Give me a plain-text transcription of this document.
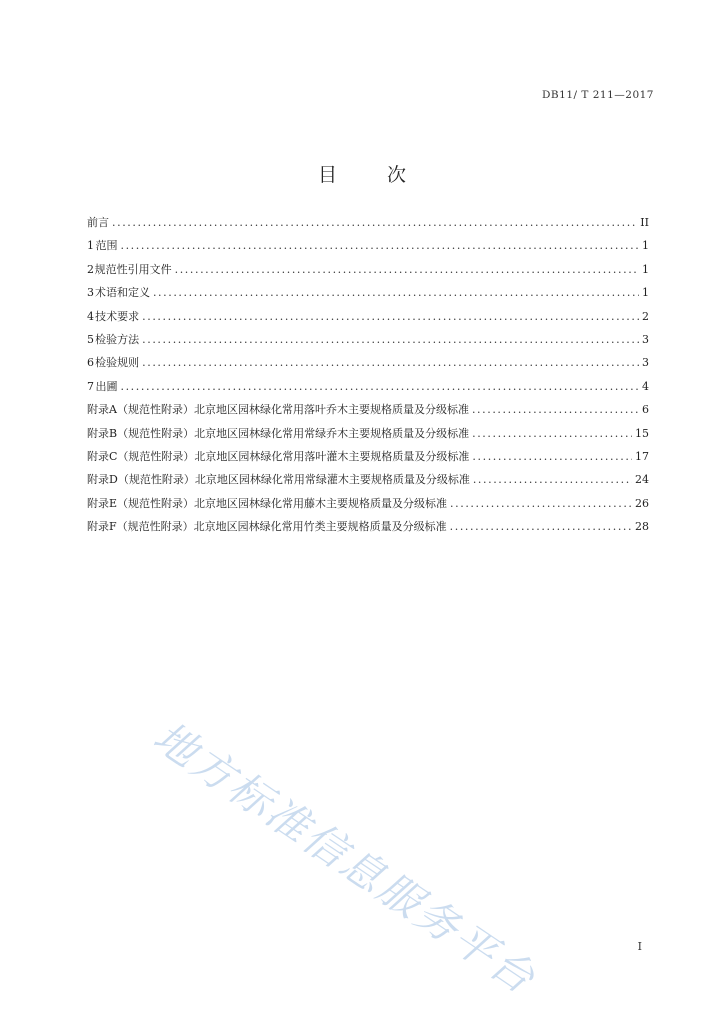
DB11/ T 211—2017
目 次
前言 .....	II
1 范围 .....	1
2 规范性引用文件 .....	1
3 术语和定义 .....	1
4 技术要求 .....	2
5 检验方法 .....	3
6 检验规则 .....	3
7 出圃 .....	4
附录A（规范性附录） 北京地区园林绿化常用落叶乔木主要规格质量及分级标准 .....	6
附录B（规范性附录） 北京地区园林绿化常用常绿乔木主要规格质量及分级标准 .....	15
附录C（规范性附录） 北京地区园林绿化常用落叶灌木主要规格质量及分级标准 .....	17
附录D（规范性附录） 北京地区园林绿化常用常绿灌木主要规格质量及分级标准 .....	24
附录E（规范性附录） 北京地区园林绿化常用藤木主要规格质量及分级标准 .....	26
附录F（规范性附录） 北京地区园林绿化常用竹类主要规格质量及分级标准 .....	28
地方标准信息服务平台	I
